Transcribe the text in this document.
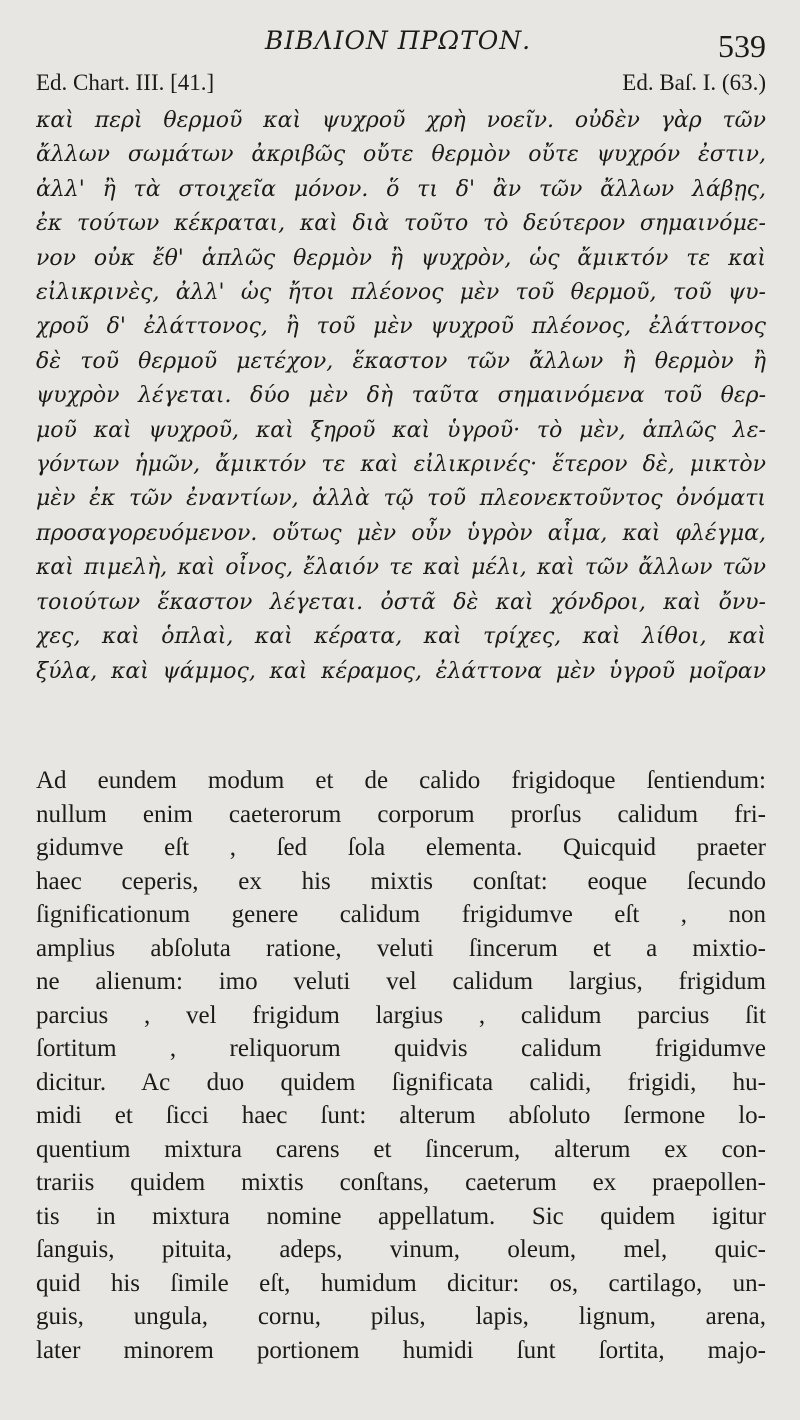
ΒΙΒΛΙΟΝ ΠΡΩΤΟΝ.	539
Ed. Chart. III. [41.]	Ed. Baſ. I. (63.)
καὶ περὶ θερμοῦ καὶ ψυχροῦ χρὴ νοεῖν. οὐδὲν γὰρ τῶν
ἄλλων σωμάτων ἀκριβῶς οὔτε θερμὸν οὔτε ψυχρόν ἐστιν,
ἀλλ' ἢ τὰ στοιχεῖα μόνον. ὅ τι δ' ἂν τῶν ἄλλων λάβῃς,
ἐκ τούτων κέκραται, καὶ διὰ τοῦτο τὸ δεύτερον σημαινόμε-
νον οὐκ ἔθ' ἁπλῶς θερμὸν ἢ ψυχρὸν, ὡς ἄμικτόν τε καὶ
εἰλικρινὲς, ἀλλ' ὡς ἤτοι πλέονος μὲν τοῦ θερμοῦ, τοῦ ψυ-
χροῦ δ' ἐλάττονος, ἢ τοῦ μὲν ψυχροῦ πλέονος, ἐλάττονος
δὲ τοῦ θερμοῦ μετέχον, ἕκαστον τῶν ἄλλων ἢ θερμὸν ἢ
ψυχρὸν λέγεται. δύο μὲν δὴ ταῦτα σημαινόμενα τοῦ θερ-
μοῦ καὶ ψυχροῦ, καὶ ξηροῦ καὶ ὑγροῦ· τὸ μὲν, ἁπλῶς λε-
γόντων ἡμῶν, ἄμικτόν τε καὶ εἰλικρινές· ἕτερον δὲ, μικτὸν
μὲν ἐκ τῶν ἐναντίων, ἀλλὰ τῷ τοῦ πλεονεκτοῦντος ὀνόματι
προσαγορευόμενον. οὕτως μὲν οὖν ὑγρὸν αἷμα, καὶ φλέγμα,
καὶ πιμελὴ, καὶ οἶνος, ἔλαιόν τε καὶ μέλι, καὶ τῶν ἄλλων τῶν
τοιούτων ἕκαστον λέγεται. ὀστᾶ δὲ καὶ χόνδροι, καὶ ὄνυ-
χες, καὶ ὁπλαὶ, καὶ κέρατα, καὶ τρίχες, καὶ λίθοι, καὶ
ξύλα, καὶ ψάμμος, καὶ κέραμος, ἐλάττονα μὲν ὑγροῦ μοῖραν
Ad eundem modum et de calido frigidoque ſentiendum:
nullum enim caeterorum corporum prorſus calidum fri-
gidumve eſt , ſed ſola elementa. Quicquid praeter
haec ceperis, ex his mixtis conſtat: eoque ſecundo
ſignificationum genere calidum frigidumve eſt , non
amplius abſoluta ratione, veluti ſincerum et a mixtio-
ne alienum: imo veluti vel calidum largius, frigidum
parcius , vel frigidum largius , calidum parcius ſit
ſortitum , reliquorum quidvis calidum frigidumve
dicitur. Ac duo quidem ſignificata calidi, frigidi, hu-
midi et ſicci haec ſunt: alterum abſoluto ſermone lo-
quentium mixtura carens et ſincerum, alterum ex con-
trariis quidem mixtis conſtans, caeterum ex praepollen-
tis in mixtura nomine appellatum. Sic quidem igitur
ſanguis, pituita, adeps, vinum, oleum, mel, quic-
quid his ſimile eſt, humidum dicitur: os, cartilago, un-
guis, ungula, cornu, pilus, lapis, lignum, arena,
later minorem portionem humidi ſunt ſortita, majo-
